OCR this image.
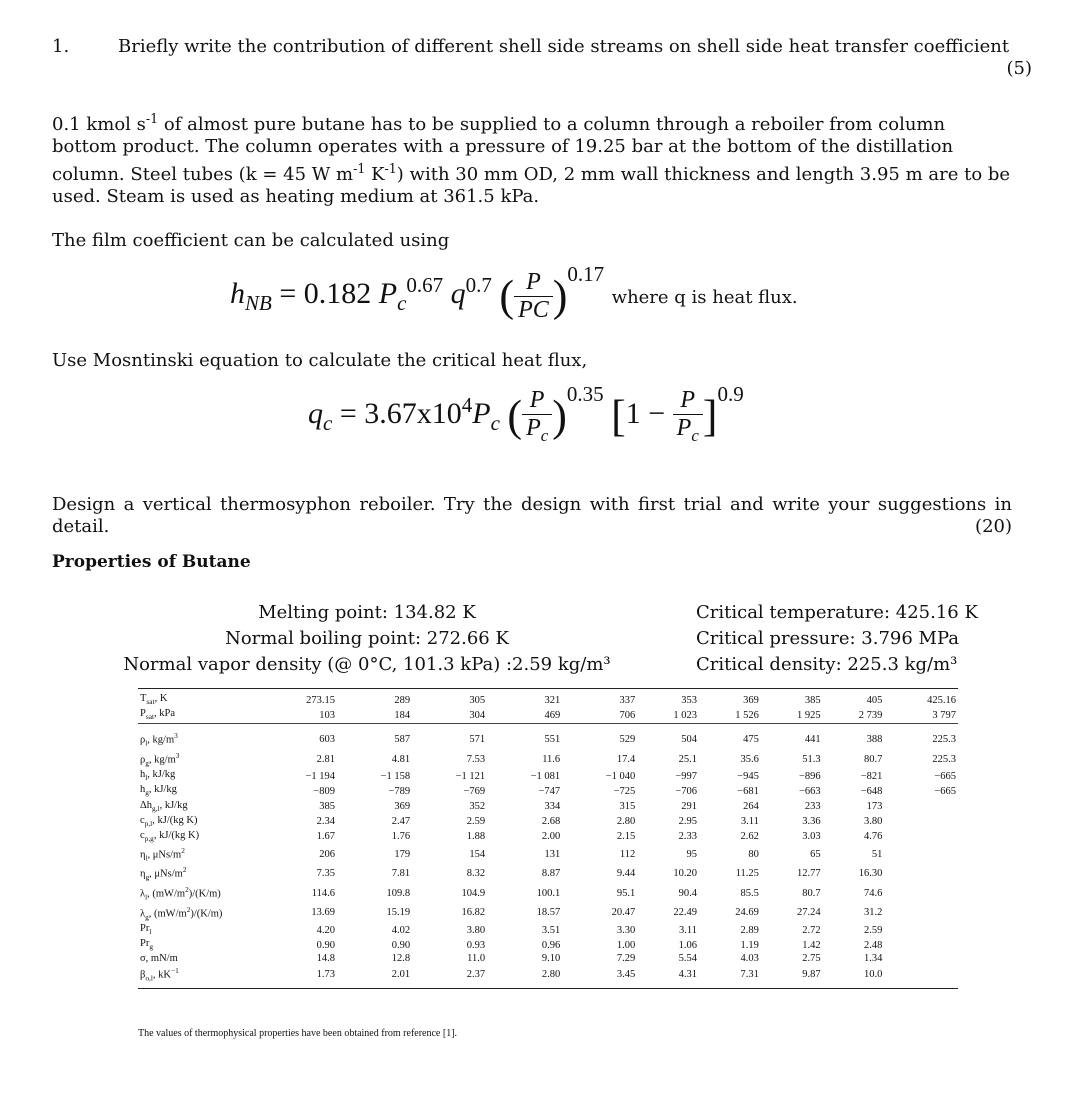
1.	Briefly write the contribution of different shell side streams on shell side heat transfer coefficient
(5)
0.1 kmol $s^{-1}$ of almost pure butane has to be supplied to a column through a reboiler from column bottom product. The column operates with a pressure of 19.25 bar at the bottom of the distillation column. Steel tubes (k = 45 W $m^{-1}$ $K^{-1}$) with 30 mm OD, 2 mm wall thickness and length 3.95 m are to be used. Steam is used as heating medium at 361.5 kPa.
The film coefficient can be calculated using
$h_{NB} = 0.182$ $P_c^{0.67}$ $q^{0.7}$ ( $\frac{P}{PC} )^{0.17}$ where q is heat flux.
Use Mosntinski equation to calculate the critical heat flux,
$q_c = 3.67x10^4P_c$ ( $\frac{P}{P_c} )^{0.35}$ $[1 - \frac{P}{P_c} ]^{0.9}$
Design a vertical thermosyphon reboiler. Try the design with first trial and write your suggestions in detail.	(20)
Properties of Butane
Melting point: 134.82 K
Normal boiling point: 272.66 K
Normal vapor density (@ 0°C, 101.3 kPa) :2.59 kg/m³
Critical temperature: 425.16 K
Critical pressure: 3.796 MPa
Critical density: 225.3 kg/m³
$T_{sat}$, K	273.15	289	305	321	337	353	369	385	405	425.16
$P_{sat}$, kPa	103	184	304	469	706	1 023	1 526	1 925	2 739	3 797

$\rho_l$, $kg/m^3$	603	587	571	551	529	504	475	441	388	225.3
$\rho_g$, $kg/m^3$	2.81	4.81	7.53	11.6	17.4	25.1	35.6	51.3	80.7	225.3
$h_l$, kJ/kg	−1 194	−1 158	−1 121	−1 081	−1 040	−997	−945	−896	−821	−665
$h_g$, kJ/kg	−809	−789	−769	−747	−725	−706	−681	−663	−648	−665
$\Delta h_{g,l}$, kJ/kg	385	369	352	334	315	291	264	233	173	
$c_{p,l}$, kJ/(kg K)	2.34	2.47	2.59	2.68	2.80	2.95	3.11	3.36	3.80	
$c_{p,g}$, kJ/(kg K)	1.67	1.76	1.88	2.00	2.15	2.33	2.62	3.03	4.76	
$\eta_l$, μNs/$m^2$	206	179	154	131	112	95	80	65	51	
$\eta_g$, μNs/$m^2$	7.35	7.81	8.32	8.87	9.44	10.20	11.25	12.77	16.30	
$\lambda_l$, $(mW/m^2)/(K/m)$	114.6	109.8	104.9	100.1	95.1	90.4	85.5	80.7	74.6	
$\lambda_g$, $(mW/m^2)/(K/m)$	13.69	15.19	16.82	18.57	20.47	22.49	24.69	27.24	31.2	
$Pr_l$	4.20	4.02	3.80	3.51	3.30	3.11	2.89	2.72	2.59	
$Pr_g$	0.90	0.90	0.93	0.96	1.00	1.06	1.19	1.42	2.48	
σ, mN/m	14.8	12.8	11.0	9.10	7.29	5.54	4.03	2.75	1.34	
$\beta_{o,l}$, $kK^{-1}$	1.73	2.01	2.37	2.80	3.45	4.31	7.31	9.87	10.0	
The values of thermophysical properties have been obtained from reference [1].
